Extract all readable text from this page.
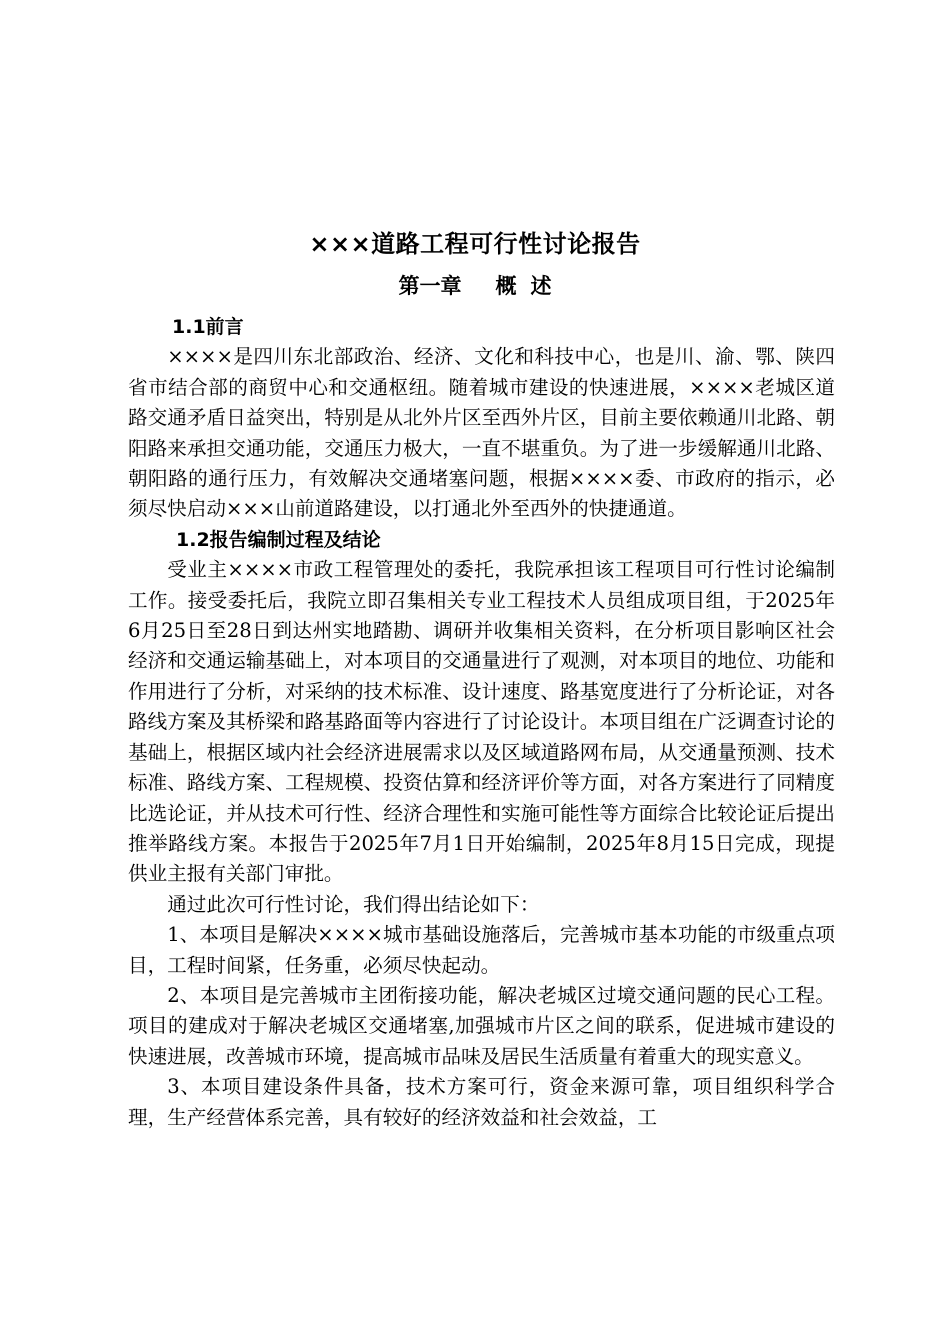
×××道路工程可行性讨论报告
第一章 概 述
1.1前言

××××是四川东北部政治、经济、文化和科技中心，也是川、渝、鄂、陕四省市结合部的商贸中心和交通枢纽。随着城市建设的快速进展，××××老城区道路交通矛盾日益突出，特别是从北外片区至西外片区，目前主要依赖通川北路、朝阳路来承担交通功能，交通压力极大，一直不堪重负。为了进一步缓解通川北路、朝阳路的通行压力，有效解决交通堵塞问题，根据××××委、市政府的指示，必须尽快启动×××山前道路建设，以打通北外至西外的快捷通道。

1.2报告编制过程及结论

受业主××××市政工程管理处的委托，我院承担该工程项目可行性讨论编制工作。接受委托后，我院立即召集相关专业工程技术人员组成项目组，于2025年6月25日至28日到达州实地踏勘、调研并收集相关资料，在分析项目影响区社会经济和交通运输基础上，对本项目的交通量进行了观测，对本项目的地位、功能和作用进行了分析，对采纳的技术标准、设计速度、路基宽度进行了分析论证，对各路线方案及其桥梁和路基路面等内容进行了讨论设计。本项目组在广泛调查讨论的基础上，根据区域内社会经济进展需求以及区域道路网布局，从交通量预测、技术标准、路线方案、工程规模、投资估算和经济评价等方面，对各方案进行了同精度比选论证，并从技术可行性、经济合理性和实施可能性等方面综合比较论证后提出推举路线方案。本报告于2025年7月1日开始编制，2025年8月15日完成，现提供业主报有关部门审批。

通过此次可行性讨论，我们得出结论如下：

1、本项目是解决××××城市基础设施落后，完善城市基本功能的市级重点项目，工程时间紧，任务重，必须尽快起动。

2、本项目是完善城市主团衔接功能，解决老城区过境交通问题的民心工程。项目的建成对于解决老城区交通堵塞,加强城市片区之间的联系，促进城市建设的快速进展，改善城市环境，提高城市品味及居民生活质量有着重大的现实意义。

3、本项目建设条件具备，技术方案可行，资金来源可靠，项目组织科学合理，生产经营体系完善，具有较好的经济效益和社会效益，工
